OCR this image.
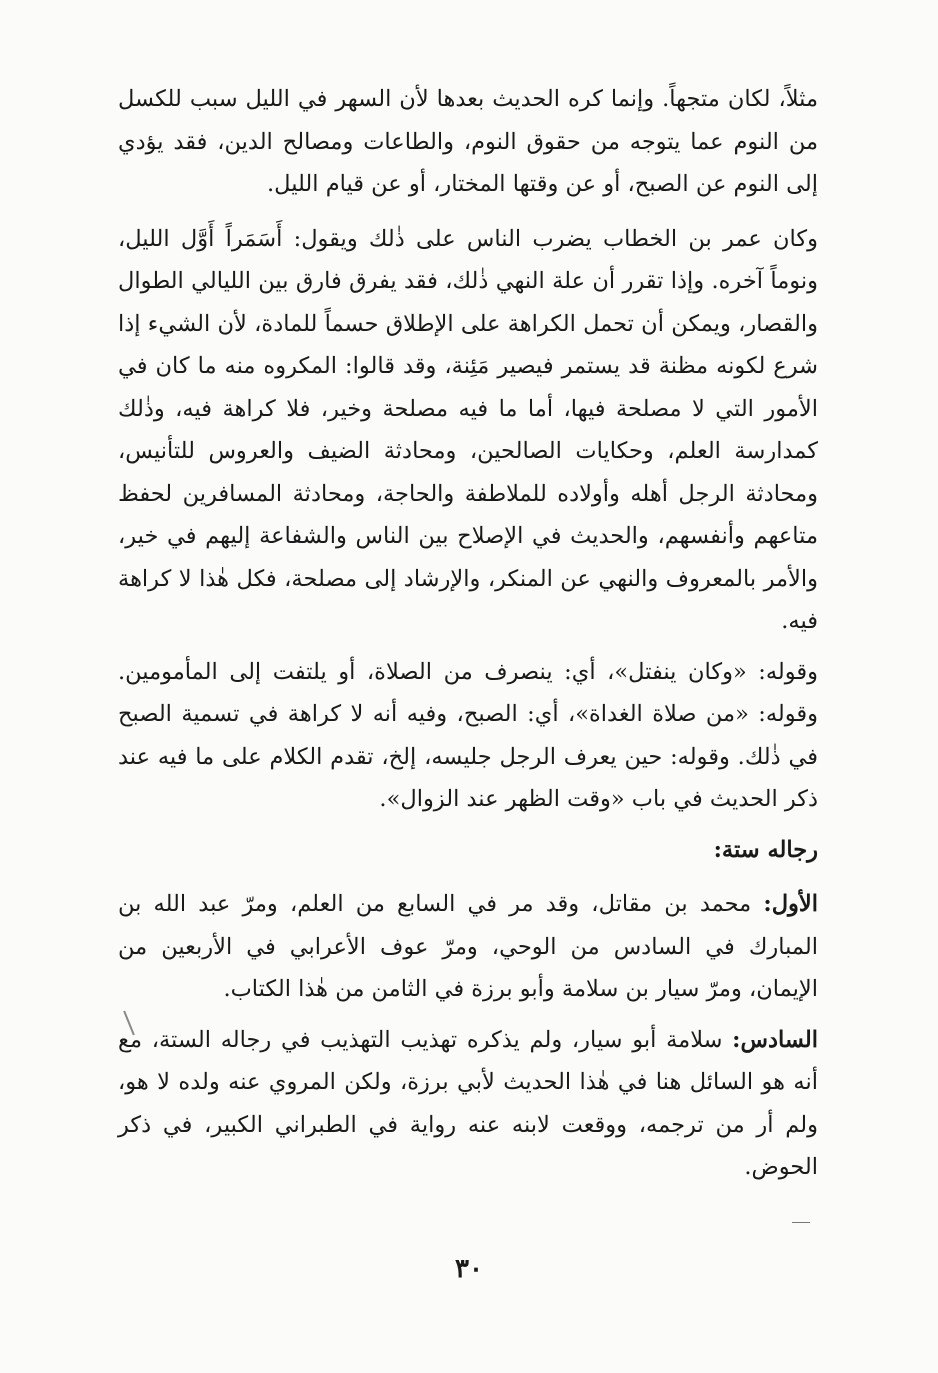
مثلاً، لكان متجهاً. وإنما كره الحديث بعدها لأن السهر في الليل سبب للكسل من النوم عما يتوجه من حقوق النوم، والطاعات ومصالح الدين، فقد يؤدي إلى النوم عن الصبح، أو عن وقتها المختار، أو عن قيام الليل.

وكان عمر بن الخطاب يضرب الناس على ذٰلك ويقول: أَسَمَراً أَوَّل الليل، ونوماً آخره. وإذا تقرر أن علة النهي ذٰلك، فقد يفرق فارق بين الليالي الطوال والقصار، ويمكن أن تحمل الكراهة على الإطلاق حسماً للمادة، لأن الشيء إذا شرع لكونه مظنة قد يستمر فيصير مَئِنة، وقد قالوا: المكروه منه ما كان في الأمور التي لا مصلحة فيها، أما ما فيه مصلحة وخير، فلا كراهة فيه، وذٰلك كمدارسة العلم، وحكايات الصالحين، ومحادثة الضيف والعروس للتأنيس، ومحادثة الرجل أهله وأولاده للملاطفة والحاجة، ومحادثة المسافرين لحفظ متاعهم وأنفسهم، والحديث في الإصلاح بين الناس والشفاعة إليهم في خير، والأمر بالمعروف والنهي عن المنكر، والإرشاد إلى مصلحة، فكل هٰذا لا كراهة فيه.

وقوله: «وكان ينفتل»، أي: ينصرف من الصلاة، أو يلتفت إلى المأمومين. وقوله: «من صلاة الغداة»، أي: الصبح، وفيه أنه لا كراهة في تسمية الصبح في ذٰلك. وقوله: حين يعرف الرجل جليسه، إلخ، تقدم الكلام على ما فيه عند ذكر الحديث في باب «وقت الظهر عند الزوال».

رجاله ستة:

الأول: محمد بن مقاتل، وقد مر في السابع من العلم، ومرّ عبد الله بن المبارك في السادس من الوحي، ومرّ عوف الأعرابي في الأربعين من الإيمان، ومرّ سيار بن سلامة وأبو برزة في الثامن من هٰذا الكتاب.

السادس: سلامة أبو سيار، ولم يذكره تهذيب التهذيب في رجاله الستة، مع أنه هو السائل هنا في هٰذا الحديث لأبي برزة، ولكن المروي عنه ولده لا هو، ولم أر من ترجمه، ووقعت لابنه عنه رواية في الطبراني الكبير، في ذكر الحوض.

٣٠
